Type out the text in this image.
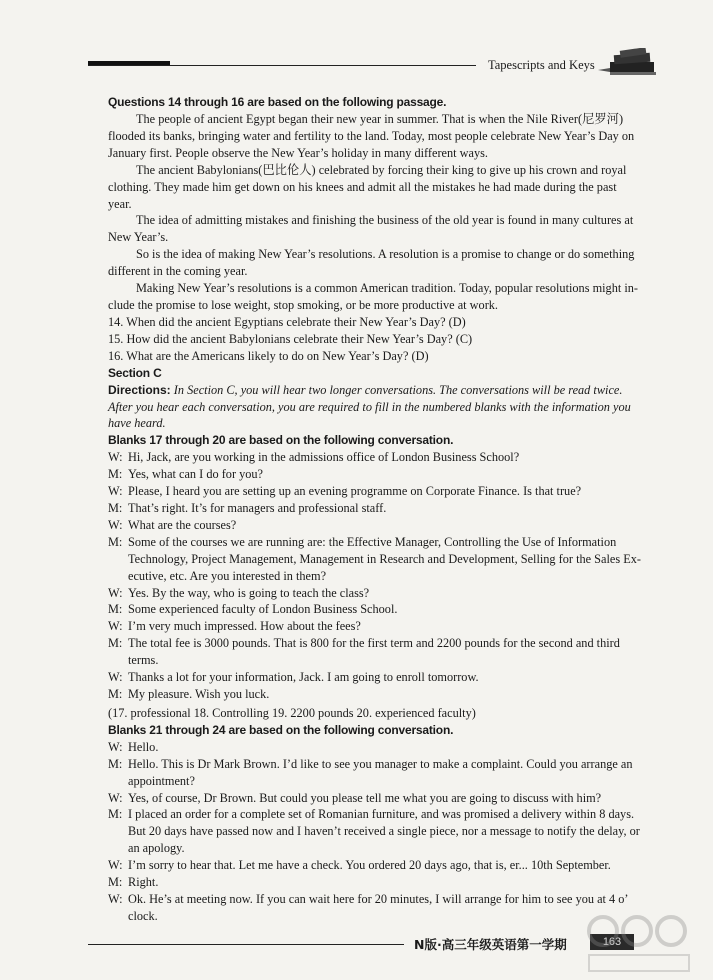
Tapescripts and Keys
Questions 14 through 16 are based on the following passage.
The people of ancient Egypt began their new year in summer. That is when the Nile River(尼罗河)
flooded its banks, bringing water and fertility to the land. Today, most people celebrate New Year’s Day on
January first. People observe the New Year’s holiday in many different ways.
The ancient Babylonians(巴比伦人) celebrated by forcing their king to give up his crown and royal
clothing. They made him get down on his knees and admit all the mistakes he had made during the past
year.
The idea of admitting mistakes and finishing the business of the old year is found in many cultures at
New Year’s.
So is the idea of making New Year’s resolutions. A resolution is a promise to change or do something
different in the coming year.
Making New Year’s resolutions is a common American tradition. Today, popular resolutions might in-
clude the promise to lose weight, stop smoking, or be more productive at work.
14. When did the ancient Egyptians celebrate their New Year’s Day? (D)
15. How did the ancient Babylonians celebrate their New Year’s Day? (C)
16. What are the Americans likely to do on New Year’s Day? (D)
Section C
Directions: In Section C, you will hear two longer conversations. The conversations will be read twice.
After you hear each conversation, you are required to fill in the numbered blanks with the information you
have heard.
Blanks 17 through 20 are based on the following conversation.
W: Hi, Jack, are you working in the admissions office of London Business School?
M: Yes, what can I do for you?
W: Please, I heard you are setting up an evening programme on Corporate Finance. Is that true?
M: That’s right. It’s for managers and professional staff.
W: What are the courses?
M: Some of the courses we are running are: the Effective Manager, Controlling the Use of Information
Technology, Project Management, Management in Research and Development, Selling for the Sales Ex-
ecutive, etc. Are you interested in them?
W: Yes. By the way, who is going to teach the class?
M: Some experienced faculty of London Business School.
W: I’m very much impressed. How about the fees?
M: The total fee is 3000 pounds. That is 800 for the first term and 2200 pounds for the second and third
terms.
W: Thanks a lot for your information, Jack. I am going to enroll tomorrow.
M: My pleasure. Wish you luck.
(17. professional 18. Controlling 19. 2200 pounds 20. experienced faculty)
Blanks 21 through 24 are based on the following conversation.
W: Hello.
M: Hello. This is Dr Mark Brown. I’d like to see you manager to make a complaint. Could you arrange an
appointment?
W: Yes, of course, Dr Brown. But could you please tell me what you are going to discuss with him?
M: I placed an order for a complete set of Romanian furniture, and was promised a delivery within 8 days.
But 20 days have passed now and I haven’t received a single piece, nor a message to notify the delay, or
an apology.
W: I’m sorry to hear that. Let me have a check. You ordered 20 days ago, that is, er... 10th September.
M: Right.
W: Ok. He’s at meeting now. If you can wait here for 20 minutes, I will arrange for him to see you at 4 o’
clock.
N版·高三年级英语第一学期	163
